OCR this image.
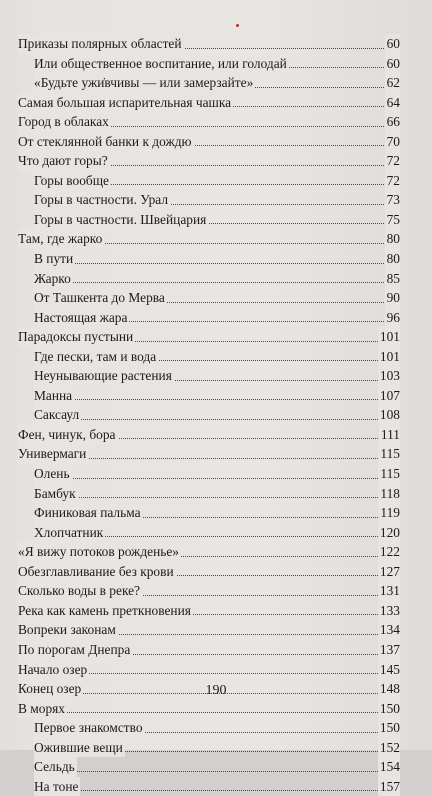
Приказы полярных областей	60
Или общественное воспитание, или голодай	60
«Будьте ужи̇вчивы — или замерзайте»	62
Самая большая испарительная чашка	64
Город в облаках	66
От стеклянной банки к дождю	70
Что дают горы?	72
Горы вообще	72
Горы в частности. Урал	73
Горы в частности. Швейцария	75
Там, где жарко	80
В пути	80
Жарко	85
От Ташкента до Мерва	90
Настоящая жара	96
Парадоксы пустыни	101
Где пески, там и вода	101
Неунывающие растения	103
Манна	107
Саксаул	108
Фен, чинук, бора	111
Универмаги	115
Олень	115
Бамбук	118
Финиковая пальма	119
Хлопчатник	120
«Я вижу потоков рожденье»	122
Обезглавливание без крови	127
Сколько воды в реке?	131
Река как камень преткновения	133
Вопреки законам	134
По порогам Днепра	137
Начало озер	145
Конец озер	148
В морях	150
Первое знакомство	150
Ожившие вещи	152
Сельдь	154
На тоне	157
190
